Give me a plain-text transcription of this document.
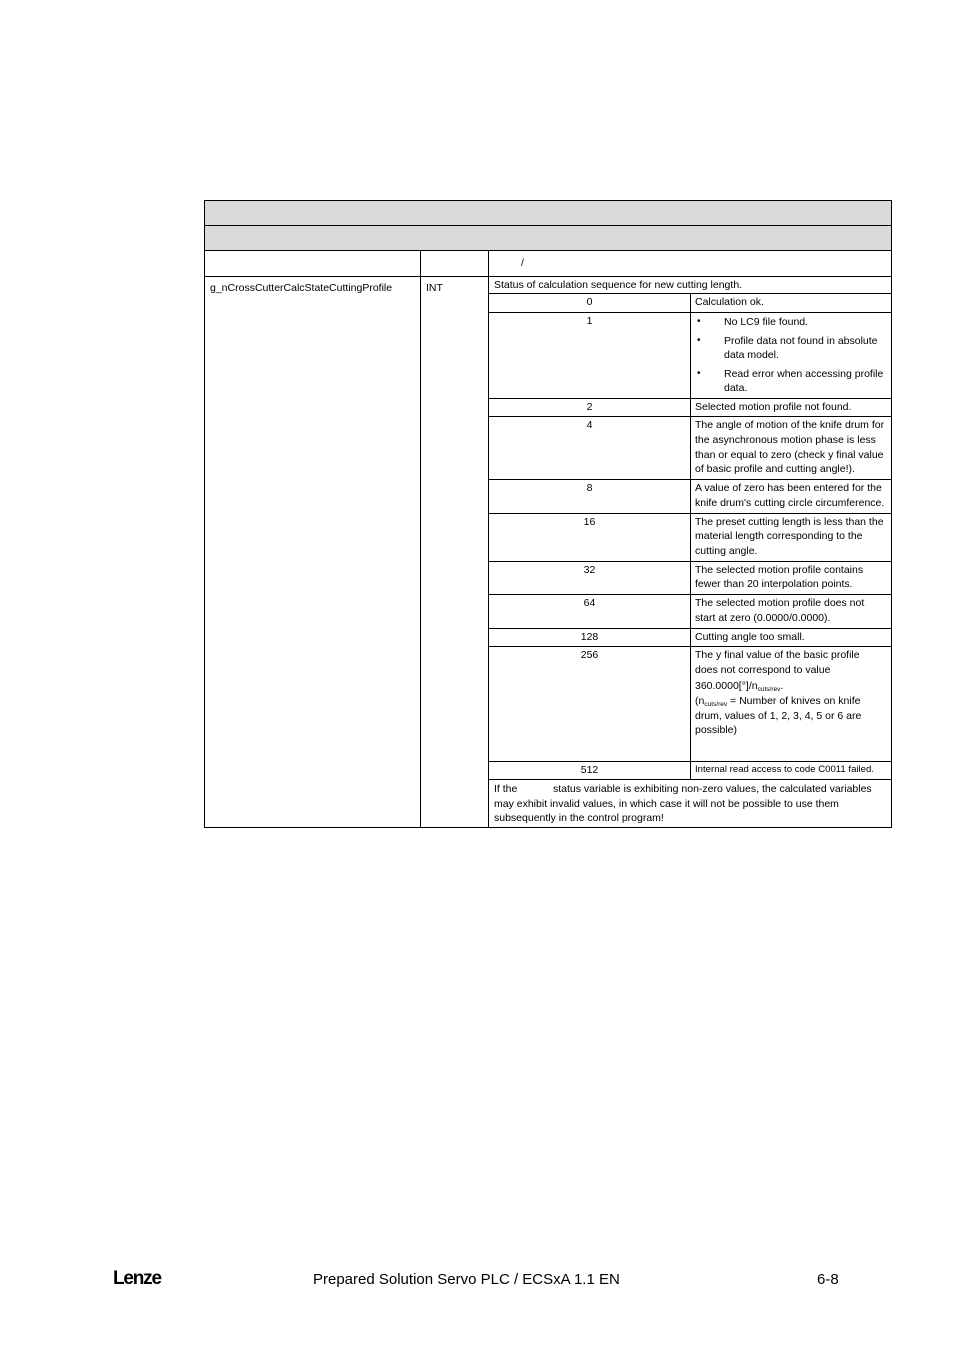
/
g_nCrossCutterCalcStateCuttingProfile	INT	Status of calculation sequence for new cutting length.
0	Calculation ok.
1	• No LC9 file found.
• Profile data not found in absolute
data model.
• Read error when accessing profile
data.
2	Selected motion profile not found.
4	The angle of motion of the knife drum for
the asynchronous motion phase is less
than or equal to zero (check y final value
of basic profile and cutting angle!).
8	A value of zero has been entered for the
knife drum's cutting circle circumference.
16	The preset cutting length is less than the
material length corresponding to the
cutting angle.
32	The selected motion profile contains
fewer than 20 interpolation points.
64	The selected motion profile does not
start at zero (0.0000/0.0000).
128	Cutting angle too small.
256	The y final value of the basic profile
does not correspond to value
$360.0000[^\circ]/n_{cuts/rev}$.
($n_{cuts/rev}$ = Number of knives on knife
drum, values of 1, 2, 3, 4, 5 or 6 are
possible)
512	Internal read access to code C0011 failed.
If the	status variable is exhibiting non-zero values, the calculated variables
may exhibit invalid values, in which case it will not be possible to use them
subsequently in the control program!
Lenze	Prepared Solution Servo PLC / ECSxA 1.1 EN	6-8
